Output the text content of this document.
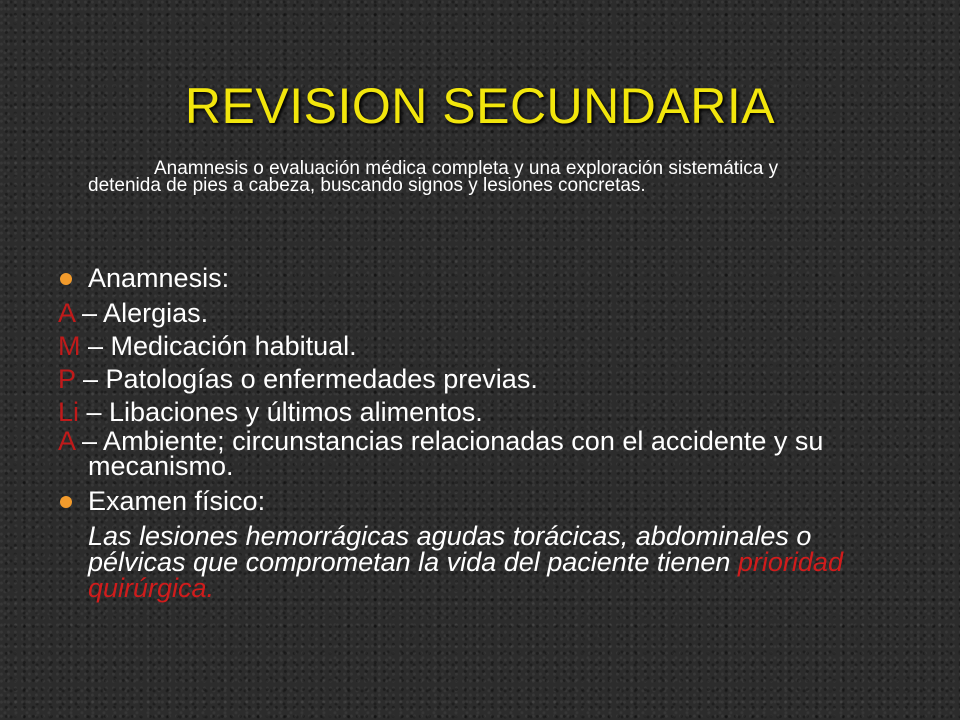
REVISION SECUNDARIA

Anamnesis o evaluación médica completa y una exploración sistemática y detenida de pies a cabeza, buscando signos y lesiones concretas.

Anamnesis:

A – Alergias.

M – Medicación habitual.

P – Patologías o enfermedades previas.

Li – Libaciones y últimos alimentos.

A – Ambiente; circunstancias relacionadas con el accidente y su mecanismo.

Examen físico:

Las lesiones hemorrágicas agudas torácicas, abdominales o pélvicas que comprometan la vida del paciente tienen prioridad quirúrgica.
